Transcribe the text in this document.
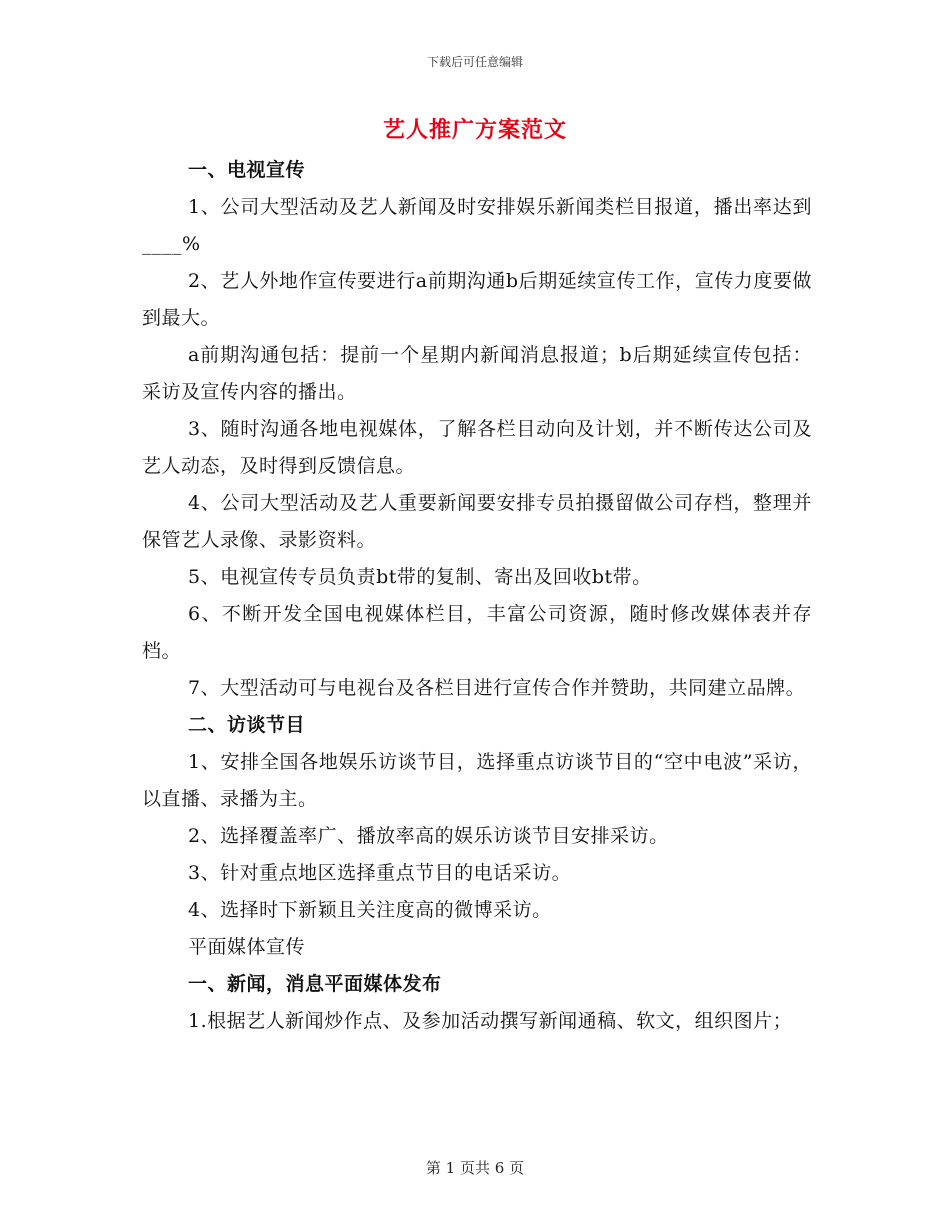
下载后可任意编辑
艺人推广方案范文

一、电视宣传

1、公司大型活动及艺人新闻及时安排娱乐新闻类栏目报道，播出率达到____%

2、艺人外地作宣传要进行a前期沟通b后期延续宣传工作，宣传力度要做到最大。

a前期沟通包括：提前一个星期内新闻消息报道；b后期延续宣传包括：采访及宣传内容的播出。

3、随时沟通各地电视媒体，了解各栏目动向及计划，并不断传达公司及艺人动态，及时得到反馈信息。

4、公司大型活动及艺人重要新闻要安排专员拍摄留做公司存档，整理并保管艺人录像、录影资料。

5、电视宣传专员负责bt带的复制、寄出及回收bt带。

6、不断开发全国电视媒体栏目，丰富公司资源，随时修改媒体表并存档。

7、大型活动可与电视台及各栏目进行宣传合作并赞助，共同建立品牌。

二、访谈节目

1、安排全国各地娱乐访谈节目，选择重点访谈节目的“空中电波”采访，以直播、录播为主。

2、选择覆盖率广、播放率高的娱乐访谈节目安排采访。

3、针对重点地区选择重点节目的电话采访。

4、选择时下新颖且关注度高的微博采访。

平面媒体宣传

一、新闻，消息平面媒体发布

1.根据艺人新闻炒作点、及参加活动撰写新闻通稿、软文，组织图片；

第 1 页共 6 页
